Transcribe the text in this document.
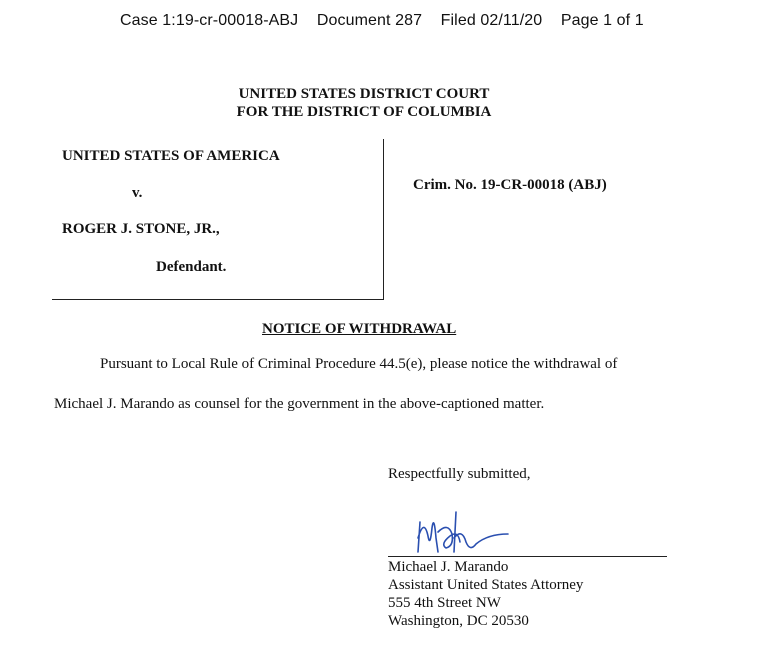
Case 1:19-cr-00018-ABJ Document 287 Filed 02/11/20 Page 1 of 1
UNITED STATES DISTRICT COURT
FOR THE DISTRICT OF COLUMBIA
UNITED STATES OF AMERICA
v.
ROGER J. STONE, JR.,
Defendant.
Crim. No. 19-CR-00018 (ABJ)
NOTICE OF WITHDRAWAL
Pursuant to Local Rule of Criminal Procedure 44.5(e), please notice the withdrawal of
Michael J. Marando as counsel for the government in the above-captioned matter.
Respectfully submitted,
Michael J. Marando
Assistant United States Attorney
555 4th Street NW
Washington, DC 20530
